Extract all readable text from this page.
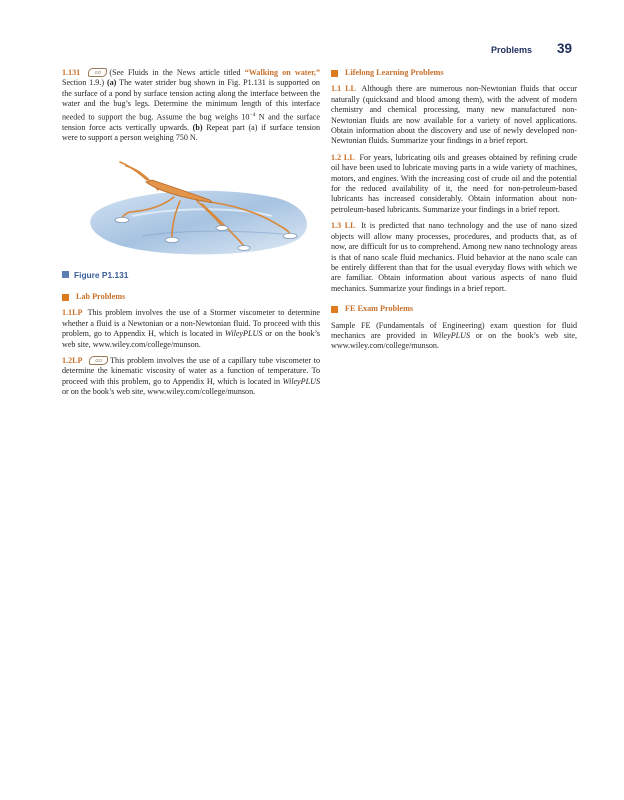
Problems 39

1.131	GO (See Fluids in the News article titled “Walking on water,” Section 1.9.) (a) The water strider bug shown in Fig. P1.131 is supported on the surface of a pond by surface tension acting along the interface between the water and the bug’s legs. Determine the minimum length of this interface needed to support the bug. Assume the bug weighs $10^{-4}$ N and the surface tension force acts vertically upwards. (b) Repeat part (a) if surface tension were to support a person weighing 750 N.

Figure P1.131
Lab Problems

1.1LP This problem involves the use of a Stormer viscometer to determine whether a fluid is a Newtonian or a non-Newtonian fluid. To proceed with this problem, go to Appendix H, which is located in WileyPLUS or on the book’s web site, www.wiley.com/college/munson.

1.2LP	GO This problem involves the use of a capillary tube viscometer to determine the kinematic viscosity of water as a function of temperature. To proceed with this problem, go to Appendix H, which is located in WileyPLUS or on the book’s web site, www.wiley.com/college/munson.

Lifelong Learning Problems

1.1 LL Although there are numerous non-Newtonian fluids that occur naturally (quicksand and blood among them), with the advent of modern chemistry and chemical processing, many new manufactured non-Newtonian fluids are now available for a variety of novel applications. Obtain information about the discovery and use of newly developed non-Newtonian fluids. Summarize your findings in a brief report.

1.2 LL For years, lubricating oils and greases obtained by refining crude oil have been used to lubricate moving parts in a wide variety of machines, motors, and engines. With the increasing cost of crude oil and the potential for the reduced availability of it, the need for non-petroleum-based lubricants has increased considerably. Obtain information about non-petroleum-based lubricants. Summarize your findings in a brief report.

1.3 LL It is predicted that nano technology and the use of nano sized objects will allow many processes, procedures, and products that, as of now, are difficult for us to comprehend. Among new nano technology areas is that of nano scale fluid mechanics. Fluid behavior at the nano scale can be entirely different than that for the usual everyday flows with which we are familiar. Obtain information about various aspects of nano fluid mechanics. Summarize your findings in a brief report.

FE Exam Problems

Sample FE (Fundamentals of Engineering) exam question for fluid mechanics are provided in WileyPLUS or on the book’s web site, www.wiley.com/college/munson.
